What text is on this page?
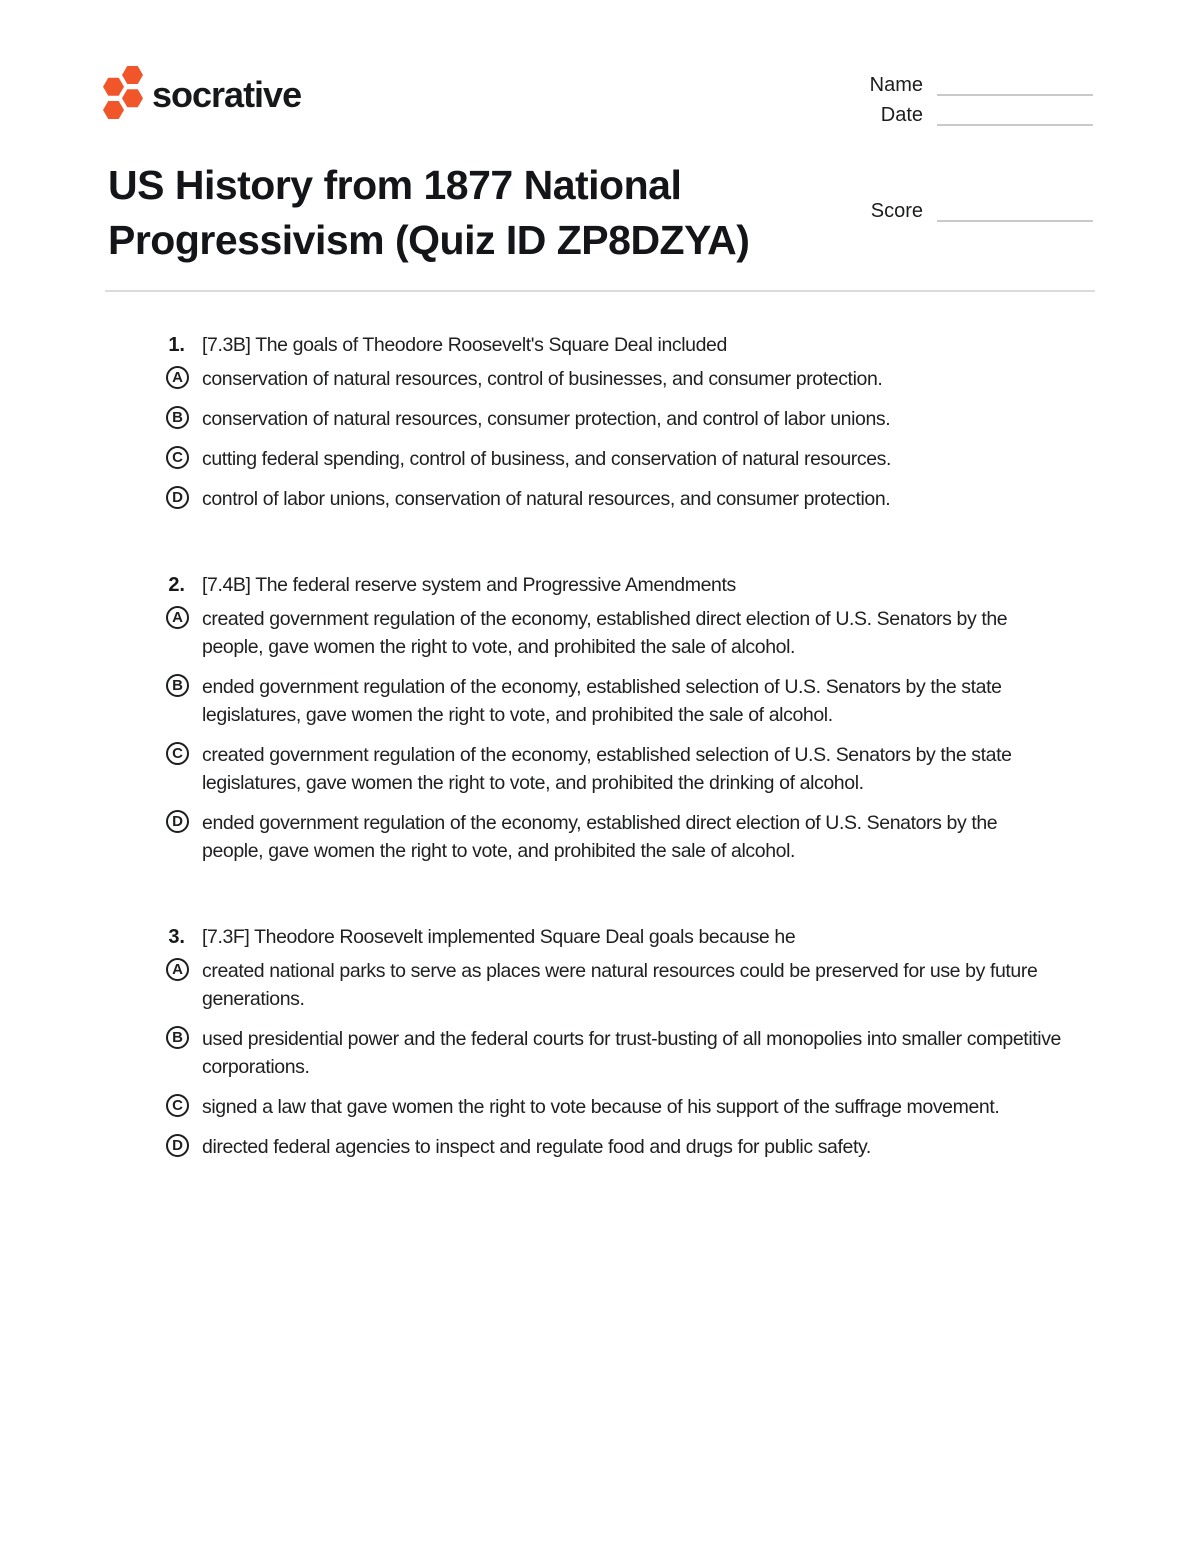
socrative	Name
Date
US History from 1877 National Progressivism (Quiz ID ZP8DZYA)
Score
1. [7.3B] The goals of Theodore Roosevelt's Square Deal included

A conservation of natural resources, control of businesses, and consumer protection.

B conservation of natural resources, consumer protection, and control of labor unions.

C cutting federal spending, control of business, and conservation of natural resources.

D control of labor unions, conservation of natural resources, and consumer protection.

2. [7.4B] The federal reserve system and Progressive Amendments

A created government regulation of the economy, established direct election of U.S. Senators by the people, gave women the right to vote, and prohibited the sale of alcohol.

B ended government regulation of the economy, established selection of U.S. Senators by the state legislatures, gave women the right to vote, and prohibited the sale of alcohol.

C created government regulation of the economy, established selection of U.S. Senators by the state legislatures, gave women the right to vote, and prohibited the drinking of alcohol.

D ended government regulation of the economy, established direct election of U.S. Senators by the people, gave women the right to vote, and prohibited the sale of alcohol.

3. [7.3F] Theodore Roosevelt implemented Square Deal goals because he

A created national parks to serve as places were natural resources could be preserved for use by future generations.

B used presidential power and the federal courts for trust-busting of all monopolies into smaller competitive corporations.

C signed a law that gave women the right to vote because of his support of the suffrage movement.

D directed federal agencies to inspect and regulate food and drugs for public safety.
